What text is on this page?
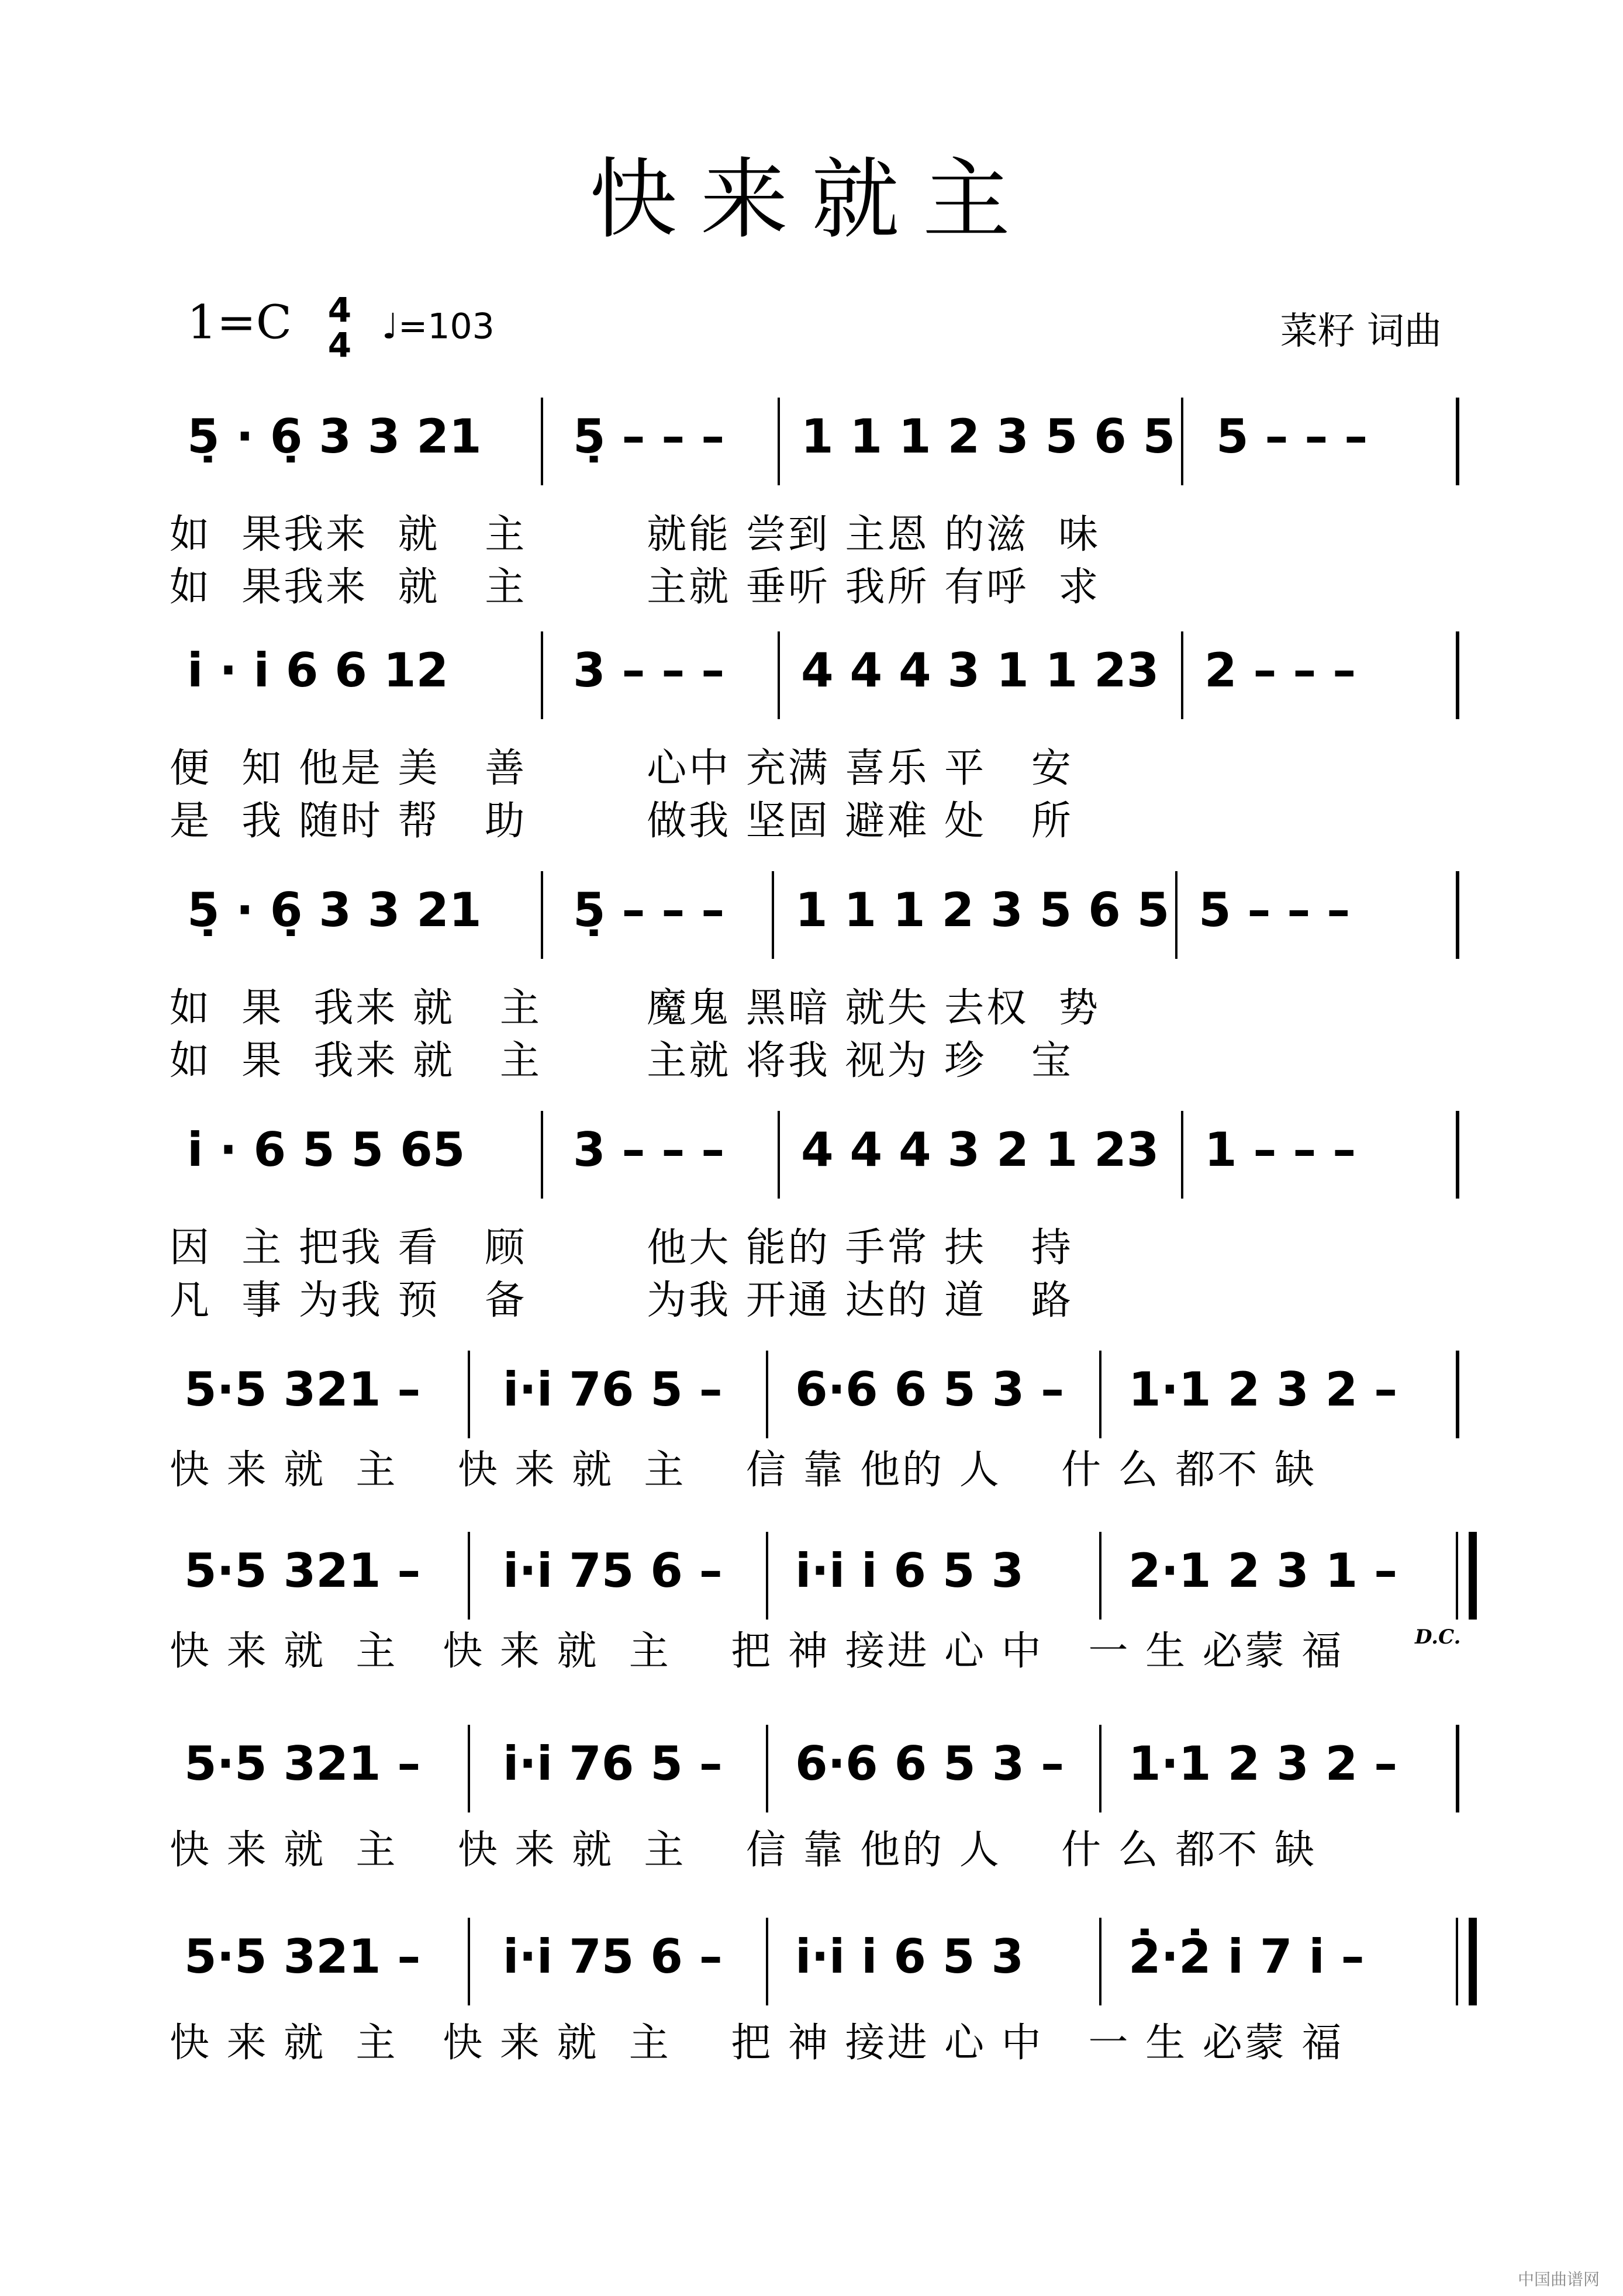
快来就主
1=C 4
4 ♩=103	菜籽 词曲
5̣ · 6̣ 3 3 21 5̣ – – – 1 1 1 2 3 5 6 5 5 – – –
如  果我来  就   主        就能 尝到 主恩 的滋  味
如  果我来  就   主        主就 垂听 我所 有呼  求
i̇ · i̇ 6 6 12	3 – – – 4 4 4 3 1 1 23 2 – – –
便  知 他是 美   善        心中 充满 喜乐 平   安
是  我 随时 帮   助        做我 坚固 避难 处   所
5̣ · 6̣ 3 3 21 5̣ – – – 1 1 1 2 3 5 6 5 5 – – –
如  果  我来 就   主       魔鬼 黑暗 就失 去权  势
如  果  我来 就   主       主就 将我 视为 珍   宝
i̇ · 6 5 5 65 3 – – – 4 4 4 3 2 1 23 1 – – –
因  主 把我 看   顾        他大 能的 手常 扶   持
凡  事 为我 预   备        为我 开通 达的 道   路
5·5 321 – i̇·i̇ 76 5 – 6·6 6 5 3 – 1·1 2 3 2 –
快 来 就  主    快 来 就  主    信 靠 他的 人    什 么 都不 缺
5·5 321 – i̇·i̇ 75 6 – i̇·i̇ i̇ 6 5 3 2·1 2 3 1 –
快 来 就  主   快 来 就  主    把 神 接进 心 中   一 生 必蒙 福
5·5 321 – i̇·i̇ 76 5 – 6·6 6 5 3 – 1·1 2 3 2 –
快 来 就  主    快 来 就  主    信 靠 他的 人    什 么 都不 缺
5·5 321 – i̇·i̇ 75 6 – i̇·i̇ i̇ 6 5 3 2̇·2̇ i̇ 7 i̇ –
快 来 就  主   快 来 就  主    把 神 接进 心 中   一 生 必蒙 福
D.C.
中国曲谱网
